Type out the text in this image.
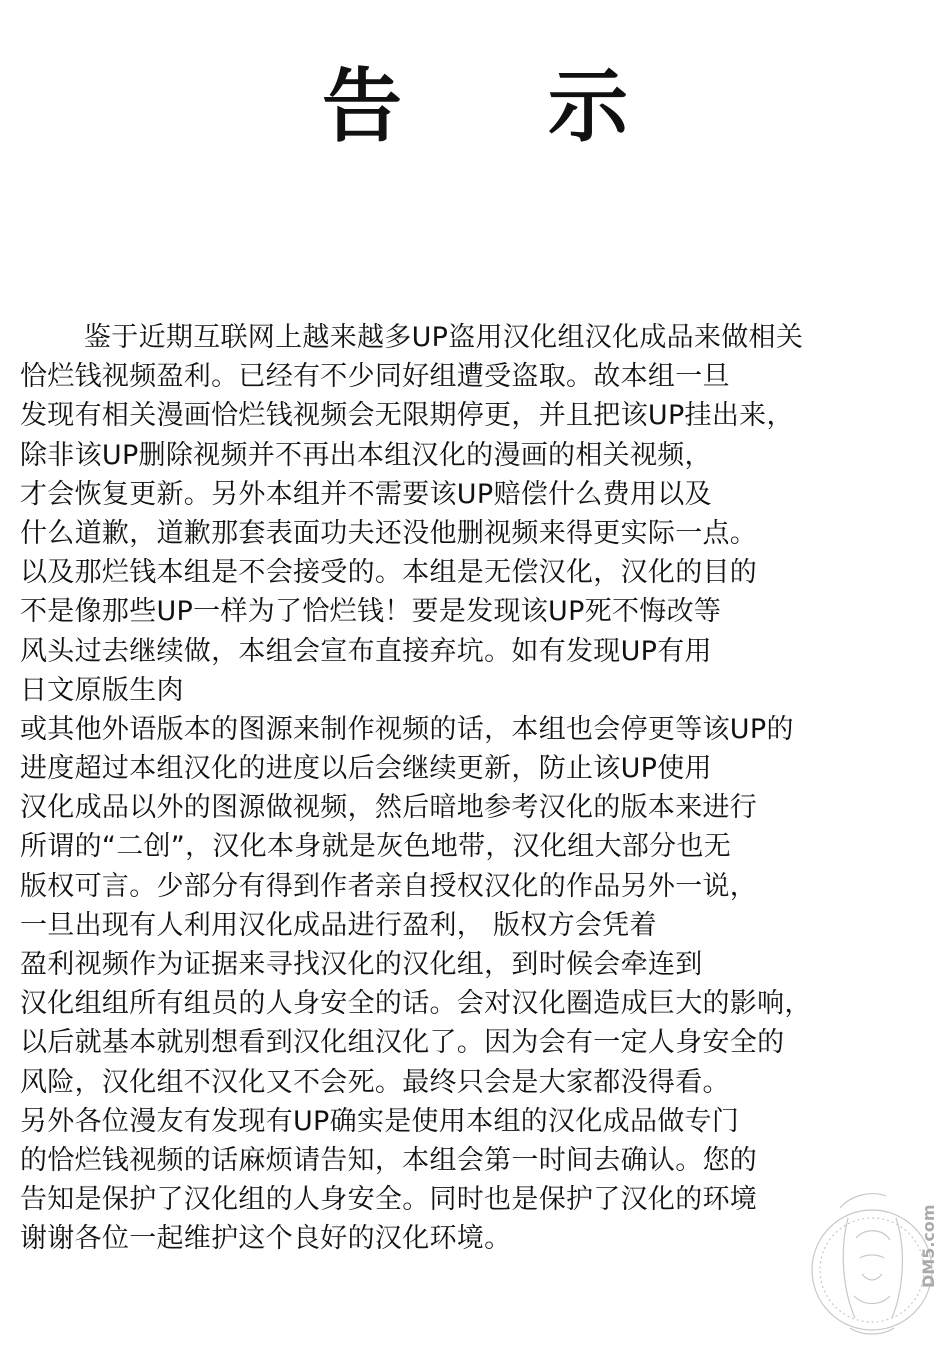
告 示
鉴于近期互联网上越来越多UP盗用汉化组汉化成品来做相关
恰烂钱视频盈利。已经有不少同好组遭受盗取。故本组一旦
发现有相关漫画恰烂钱视频会无限期停更，并且把该UP挂出来，
除非该UP删除视频并不再出本组汉化的漫画的相关视频，
才会恢复更新。另外本组并不需要该UP赔偿什么费用以及
什么道歉，道歉那套表面功夫还没他删视频来得更实际一点。
以及那烂钱本组是不会接受的。本组是无偿汉化，汉化的目的
不是像那些UP一样为了恰烂钱！要是发现该UP死不悔改等
风头过去继续做，本组会宣布直接弃坑。如有发现UP有用
日文原版生肉
或其他外语版本的图源来制作视频的话，本组也会停更等该UP的
进度超过本组汉化的进度以后会继续更新，防止该UP使用
汉化成品以外的图源做视频，然后暗地参考汉化的版本来进行
所谓的“二创”，汉化本身就是灰色地带，汉化组大部分也无
版权可言。少部分有得到作者亲自授权汉化的作品另外一说，
一旦出现有人利用汉化成品进行盈利， 版权方会凭着
盈利视频作为证据来寻找汉化的汉化组，到时候会牵连到
汉化组组所有组员的人身安全的话。会对汉化圈造成巨大的影响，
以后就基本就别想看到汉化组汉化了。因为会有一定人身安全的
风险，汉化组不汉化又不会死。最终只会是大家都没得看。
另外各位漫友有发现有UP确实是使用本组的汉化成品做专门
的恰烂钱视频的话麻烦请告知，本组会第一时间去确认。您的
告知是保护了汉化组的人身安全。同时也是保护了汉化的环境
谢谢各位一起维护这个良好的汉化环境。	DM5.com
